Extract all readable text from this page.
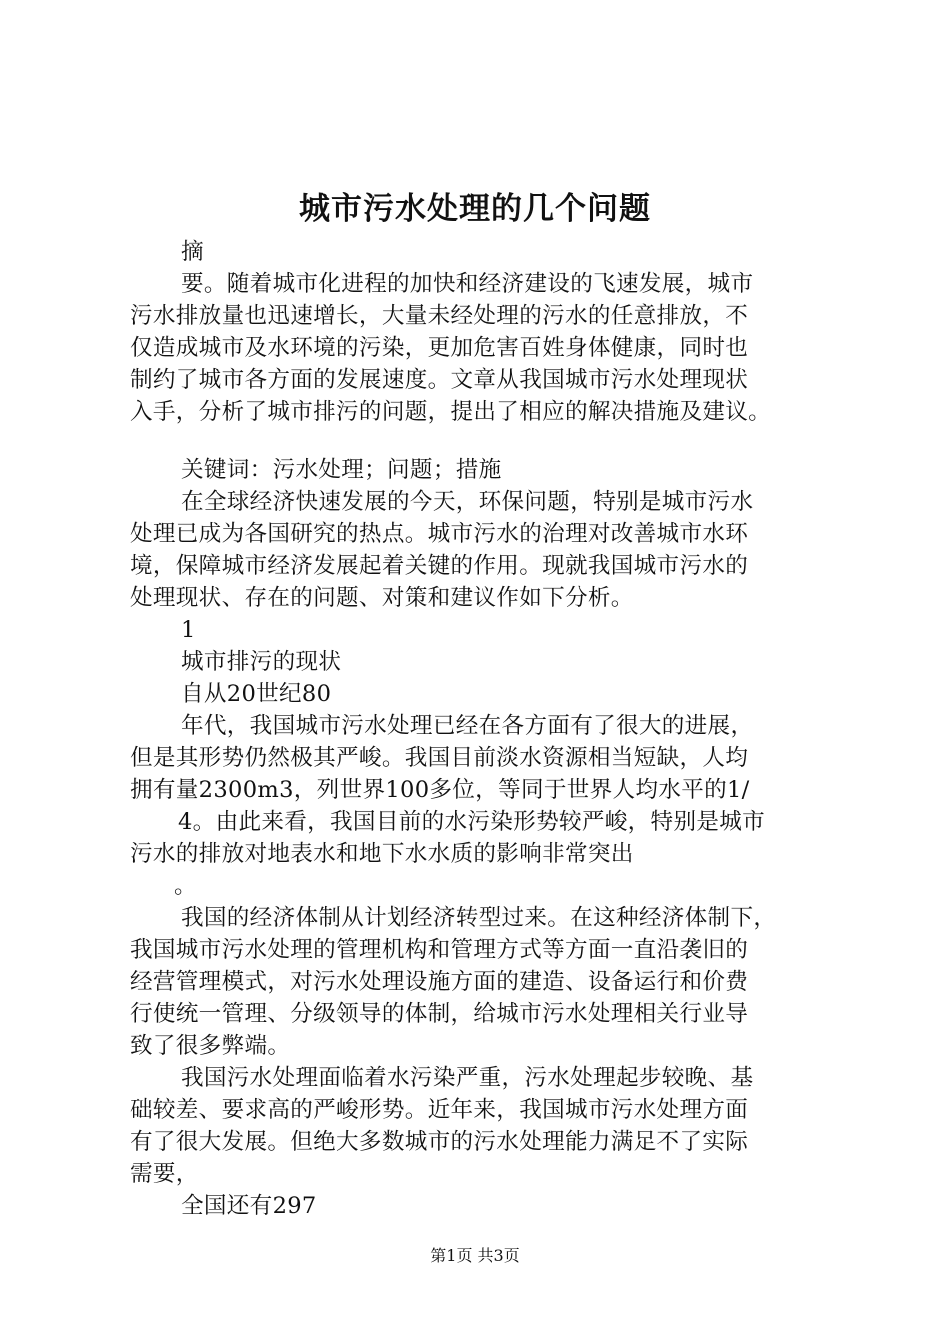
城市污水处理的几个问题
摘
要。随着城市化进程的加快和经济建设的飞速发展，城市
污水排放量也迅速增长，大量未经处理的污水的任意排放，不
仅造成城市及水环境的污染，更加危害百姓身体健康，同时也
制约了城市各方面的发展速度。文章从我国城市污水处理现状
入手，分析了城市排污的问题，提出了相应的解决措施及建议。
关键词：污水处理；问题；措施
在全球经济快速发展的今天，环保问题，特别是城市污水
处理已成为各国研究的热点。城市污水的治理对改善城市水环
境，保障城市经济发展起着关键的作用。现就我国城市污水的
处理现状、存在的问题、对策和建议作如下分析。
1
城市排污的现状
自从20世纪80
年代，我国城市污水处理已经在各方面有了很大的进展，
但是其形势仍然极其严峻。我国目前淡水资源相当短缺，人均
拥有量2300m3，列世界100多位，等同于世界人均水平的1/
4。由此来看，我国目前的水污染形势较严峻，特别是城市
污水的排放对地表水和地下水水质的影响非常突出
。
我国的经济体制从计划经济转型过来。在这种经济体制下，
我国城市污水处理的管理机构和管理方式等方面一直沿袭旧的
经营管理模式，对污水处理设施方面的建造、设备运行和价费
行使统一管理、分级领导的体制，给城市污水处理相关行业导
致了很多弊端。
我国污水处理面临着水污染严重，污水处理起步较晚、基
础较差、要求高的严峻形势。近年来，我国城市污水处理方面
有了很大发展。但绝大多数城市的污水处理能力满足不了实际
需要，
全国还有297
第1页 共3页
